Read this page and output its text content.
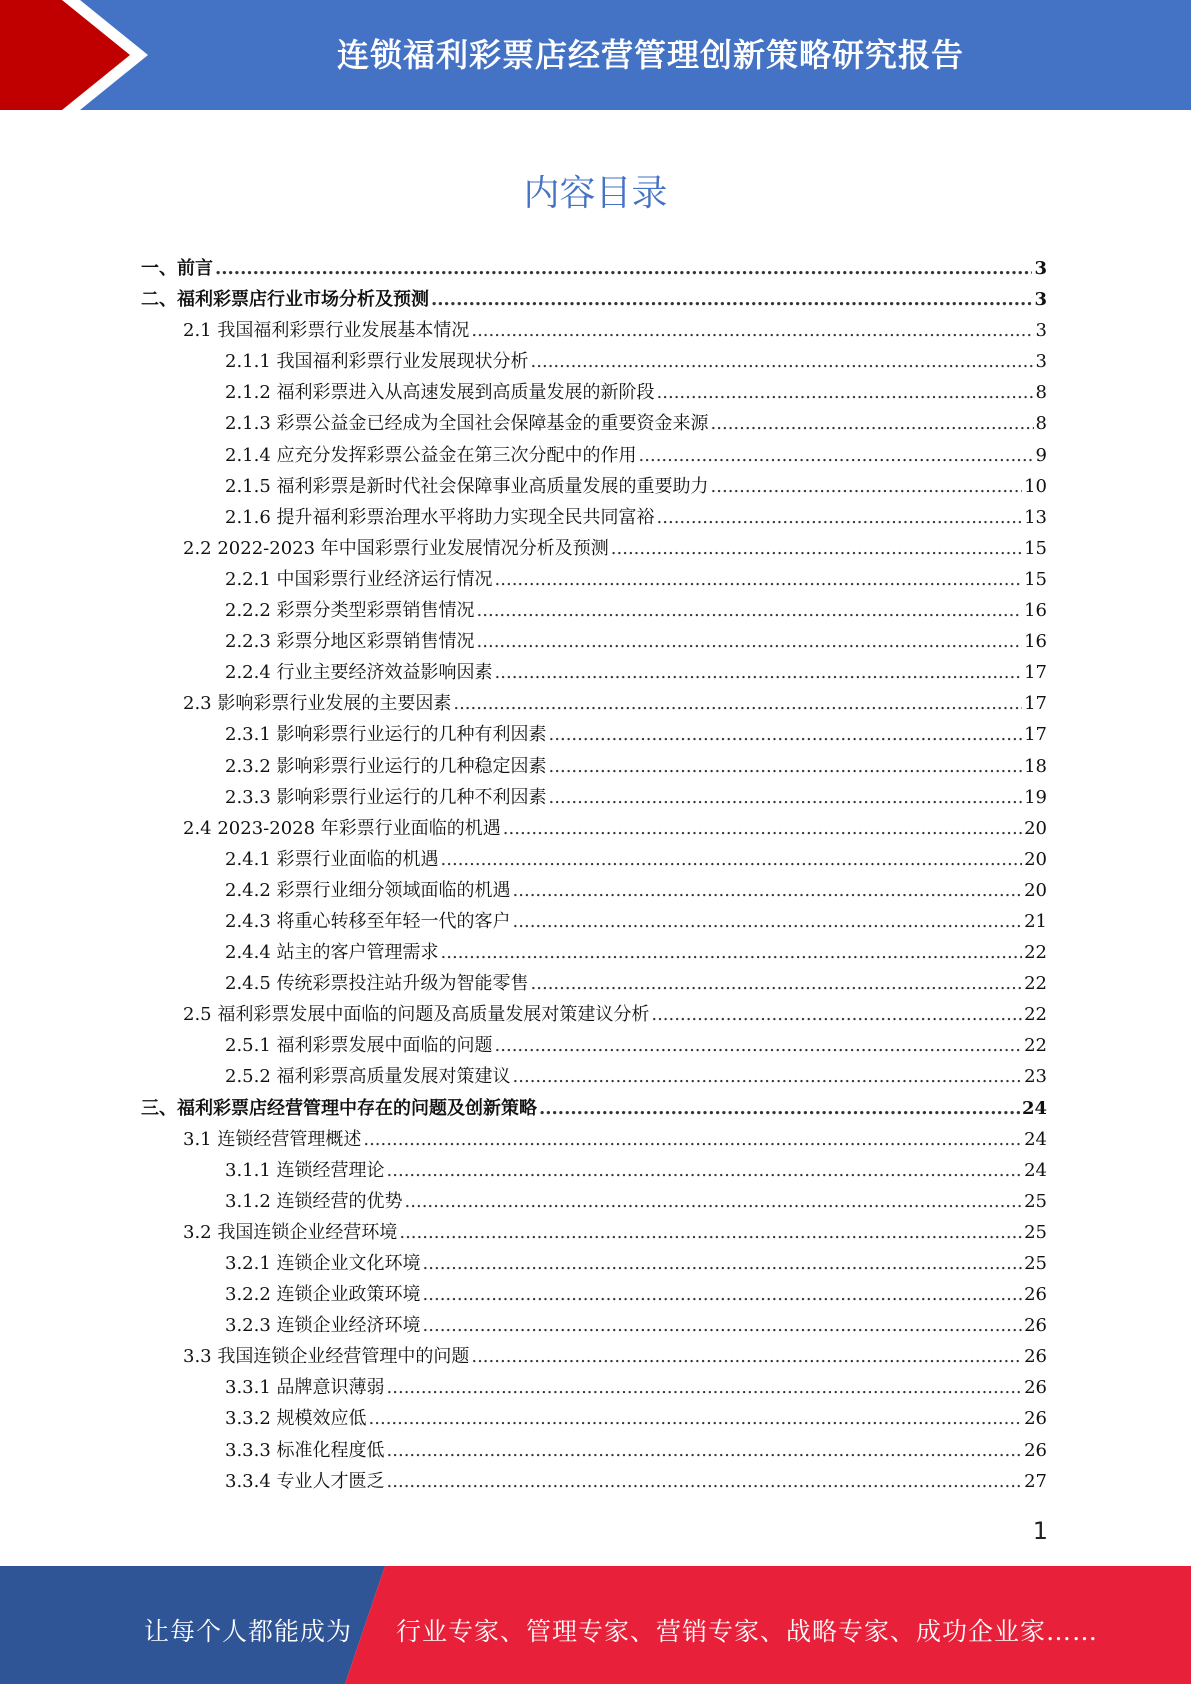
连锁福利彩票店经营管理创新策略研究报告
内容目录
一、前言 .....	3
二、福利彩票店行业市场分析及预测 .....	3
2.1 我国福利彩票行业发展基本情况 .....	3
2.1.1 我国福利彩票行业发展现状分析 .....	3
2.1.2 福利彩票进入从高速发展到高质量发展的新阶段 .....	8
2.1.3 彩票公益金已经成为全国社会保障基金的重要资金来源 .....	8
2.1.4 应充分发挥彩票公益金在第三次分配中的作用 .....	9
2.1.5 福利彩票是新时代社会保障事业高质量发展的重要助力 .....	10
2.1.6 提升福利彩票治理水平将助力实现全民共同富裕 .....	13
2.2 2022-2023 年中国彩票行业发展情况分析及预测 .....	15
2.2.1 中国彩票行业经济运行情况 .....	15
2.2.2 彩票分类型彩票销售情况 .....	16
2.2.3 彩票分地区彩票销售情况 .....	16
2.2.4 行业主要经济效益影响因素 .....	17
2.3 影响彩票行业发展的主要因素 .....	17
2.3.1 影响彩票行业运行的几种有利因素 .....	17
2.3.2 影响彩票行业运行的几种稳定因素 .....	18
2.3.3 影响彩票行业运行的几种不利因素 .....	19
2.4 2023-2028 年彩票行业面临的机遇 .....	20
2.4.1 彩票行业面临的机遇 .....	20
2.4.2 彩票行业细分领域面临的机遇 .....	20
2.4.3 将重心转移至年轻一代的客户 .....	21
2.4.4 站主的客户管理需求 .....	22
2.4.5 传统彩票投注站升级为智能零售 .....	22
2.5 福利彩票发展中面临的问题及高质量发展对策建议分析 .....	22
2.5.1 福利彩票发展中面临的问题 .....	22
2.5.2 福利彩票高质量发展对策建议 .....	23
三、福利彩票店经营管理中存在的问题及创新策略 .....	24
3.1 连锁经营管理概述 .....	24
3.1.1 连锁经营理论 .....	24
3.1.2 连锁经营的优势 .....	25
3.2 我国连锁企业经营环境 .....	25
3.2.1 连锁企业文化环境 .....	25
3.2.2 连锁企业政策环境 .....	26
3.2.3 连锁企业经济环境 .....	26
3.3 我国连锁企业经营管理中的问题 .....	26
3.3.1 品牌意识薄弱 .....	26
3.3.2 规模效应低 .....	26
3.3.3 标准化程度低 .....	26
3.3.4 专业人才匮乏 .....	27
1
让每个人都能成为 行业专家、管理专家、营销专家、战略专家、成功企业家……
